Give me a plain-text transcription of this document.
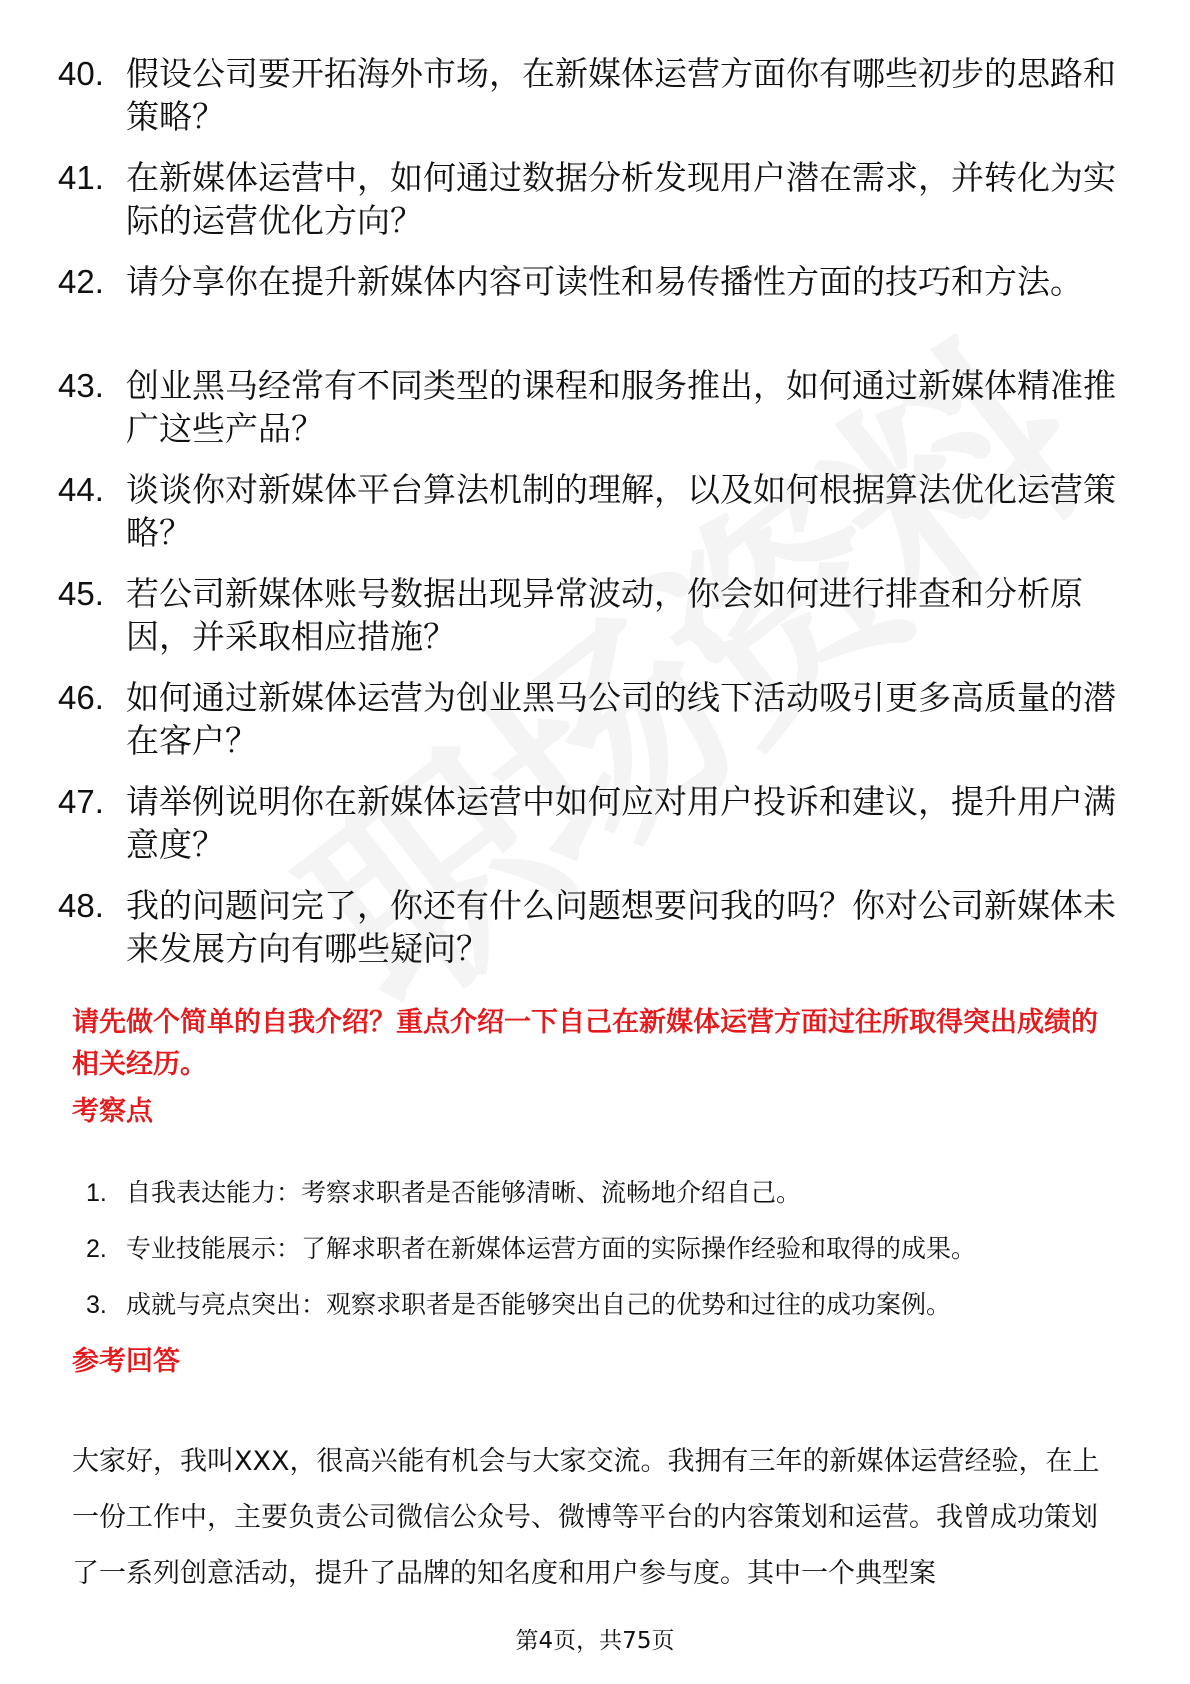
40. 假设公司要开拓海外市场，在新媒体运营方面你有哪些初步的思路和策略？
41. 在新媒体运营中，如何通过数据分析发现用户潜在需求，并转化为实际的运营优化方向？
42. 请分享你在提升新媒体内容可读性和易传播性方面的技巧和方法。
43. 创业黑马经常有不同类型的课程和服务推出，如何通过新媒体精准推广这些产品？
44. 谈谈你对新媒体平台算法机制的理解，以及如何根据算法优化运营策略？
45. 若公司新媒体账号数据出现异常波动，你会如何进行排查和分析原因，并采取相应措施？
46. 如何通过新媒体运营为创业黑马公司的线下活动吸引更多高质量的潜在客户？
47. 请举例说明你在新媒体运营中如何应对用户投诉和建议，提升用户满意度？
48. 我的问题问完了，你还有什么问题想要问我的吗？你对公司新媒体未来发展方向有哪些疑问？
请先做个简单的自我介绍？重点介绍一下自己在新媒体运营方面过往所取得突出成绩的相关经历。
考察点
1. 自我表达能力：考察求职者是否能够清晰、流畅地介绍自己。
2. 专业技能展示：了解求职者在新媒体运营方面的实际操作经验和取得的成果。
3. 成就与亮点突出：观察求职者是否能够突出自己的优势和过往的成功案例。
参考回答
大家好，我叫XXX，很高兴能有机会与大家交流。我拥有三年的新媒体运营经验，在上一份工作中，主要负责公司微信公众号、微博等平台的内容策划和运营。我曾成功策划了一系列创意活动，提升了品牌的知名度和用户参与度。其中一个典型案
第4页，共75页
